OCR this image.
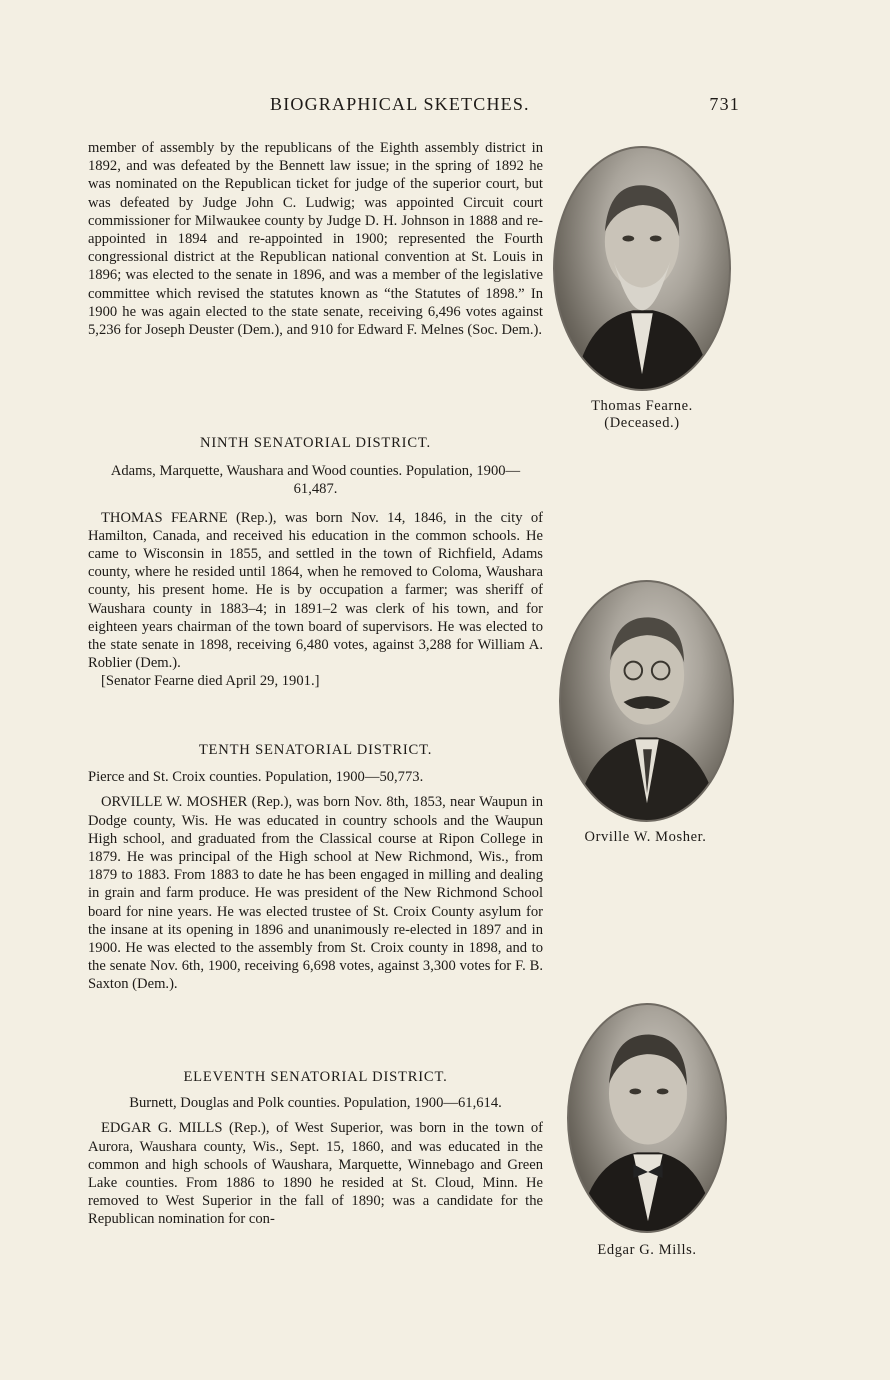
BIOGRAPHICAL SKETCHES.	731

member of assembly by the republicans of the Eighth assembly district in 1892, and was defeated by the Bennett law issue; in the spring of 1892 he was nominated on the Republican ticket for judge of the superior court, but was defeated by Judge John C. Ludwig; was appointed Circuit court commissioner for Milwaukee county by Judge D. H. Johnson in 1888 and re-appointed in 1894 and re-appointed in 1900; represented the Fourth congressional district at the Republican national convention at St. Louis in 1896; was elected to the senate in 1896, and was a member of the legislative committee which revised the statutes known as “the Statutes of 1898.” In 1900 he was again elected to the state senate, receiving 6,496 votes against 5,236 for Joseph Deuster (Dem.), and 910 for Edward F. Melnes (Soc. Dem.).

NINTH SENATORIAL DISTRICT.

Adams, Marquette, Waushara and Wood counties. Population, 1900—61,487.

THOMAS FEARNE (Rep.), was born Nov. 14, 1846, in the city of Hamilton, Canada, and received his education in the common schools. He came to Wisconsin in 1855, and settled in the town of Richfield, Adams county, where he resided until 1864, when he removed to Coloma, Waushara county, his present home. He is by occupation a farmer; was sheriff of Waushara county in 1883–4; in 1891–2 was clerk of his town, and for eighteen years chairman of the town board of supervisors. He was elected to the state senate in 1898, receiving 6,480 votes, against 3,288 for William A. Roblier (Dem.).

[Senator Fearne died April 29, 1901.]

TENTH SENATORIAL DISTRICT.

Pierce and St. Croix counties. Population, 1900—50,773.

ORVILLE W. MOSHER (Rep.), was born Nov. 8th, 1853, near Waupun in Dodge county, Wis. He was educated in country schools and the Waupun High school, and graduated from the Classical course at Ripon College in 1879. He was principal of the High school at New Richmond, Wis., from 1879 to 1883. From 1883 to date he has been engaged in milling and dealing in grain and farm produce. He was president of the New Richmond School board for nine years. He was elected trustee of St. Croix County asylum for the insane at its opening in 1896 and unanimously re-elected in 1897 and in 1900. He was elected to the assembly from St. Croix county in 1898, and to the senate Nov. 6th, 1900, receiving 6,698 votes, against 3,300 votes for F. B. Saxton (Dem.).

ELEVENTH SENATORIAL DISTRICT.

Burnett, Douglas and Polk counties. Population, 1900—61,614.

EDGAR G. MILLS (Rep.), of West Superior, was born in the town of Aurora, Waushara county, Wis., Sept. 15, 1860, and was educated in the common and high schools of Waushara, Marquette, Winnebago and Green Lake counties. From 1886 to 1890 he resided at St. Cloud, Minn. He removed to West Superior in the fall of 1890; was a candidate for the Republican nomination for con-

Thomas Fearne.
(Deceased.)
Orville W. Mosher.
Edgar G. Mills.
